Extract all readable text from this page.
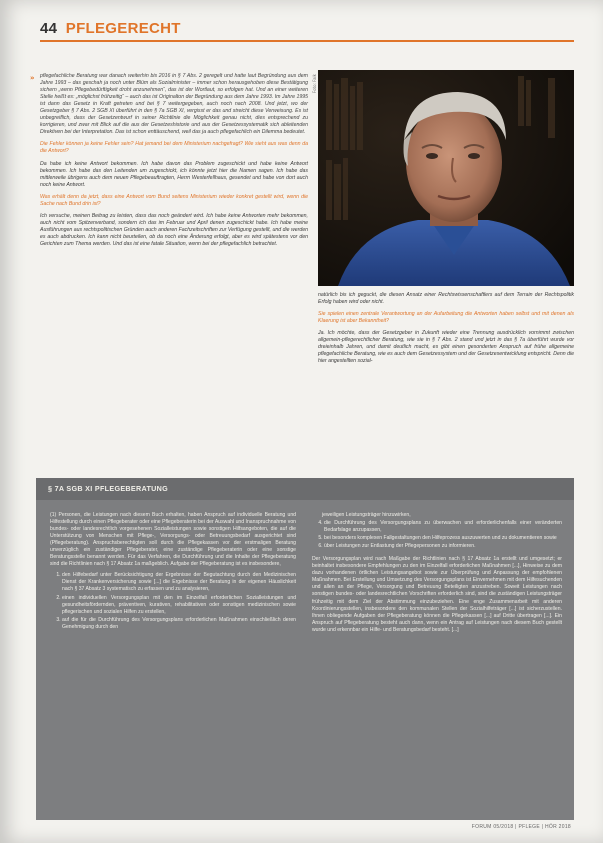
44 PFLEGERECHT
» pflegefachliche Beratung war danach weiterhin bis 2016 in § 7 Abs. 2 geregelt und hatte laut Begründung aus dem Jahre 1993 – das geschah ja noch unter Blüm als Sozialminister – immer schon herausgehoben diese Bestätigung sichern „wenn Pflegebedürftigkeit droht anzunehmen“, das ist der Wortlaut, so erfolgen hat. Und an einer weiteren Stelle heißt es: „möglichst frühzeitig“ – auch das ist Originalton der Begründung aus dem Jahre 1993. Im Jahre 1995 ist dann das Gesetz in Kraft getreten und bei § 7 weitergegeben, auch noch nach 2008. Und jetzt, wo der Gesetzgeber § 7 Abs. 2 SGB XI überführt in den § 7a SGB XI, vergisst er das und streicht diese Verweisung. Es ist unbegreiflich, dass der Gesetzentwurf in seiner Richtlinie die Möglichkeit genau nicht, dies entsprechend zu korrigieren, und zwar mit Blick auf die aus der Gesetzeshistorie und aus der Gesetzessystematik sich ableitenden Direktiven bei der Interpretation. Das ist schon enttäuschend, weil das ja auch pflegefachlich ein Dilemma bedeutet.

Die Fehler können ja keine Fehler sein? Hat jemand bei dem Ministerium nachgefragt? Wie sieht aus was denn da die Antwort?

Da habe ich keine Antwort bekommen. Ich habe davon das Problem zugeschickt und habe keine Antwort bekommen. Ich habe das den Leitenden um zugeschickt, ich könnte jetzt hier die Namen sagen. Ich habe das mittlerweile übrigens auch dem neuen Pflegebeauftragten, Herrn Westerfellhaus, gesendet und habe von dort auch noch keine Antwort.

Was erhält denn da jetzt, dass eine Antwort vom Bund seitens Ministerium wieder konkret gestellt wird, wenn die Sache nach Bund drin ist?

Ich versuche, meinen Beitrag zu leisten, dass das noch geändert wird. Ich habe keine Antworten mehr bekommen, auch nicht vom Spitzenverband, sondern ich das im Februar und April denen zugeschickt habe. Ich habe meine Ausführungen aus rechtspolitischen Gründen auch anderen Fachzeitschriften zur Verfügung gestellt, und die werden es auch abdrucken. Ich kann nicht beurteilen, ob da noch eine Änderung erfolgt, aber es wird spätestens vor den Gerichten zum Thema werden. Und das ist eine fatale Situation, wenn bei der pflegefachlich betrachtet.

Foto: Falk

natürlich bis ich geguckt, die diesen Ansatz einer Rechtswissenschaftlers auf dem Terrain der Rechtspolitik Erfolg haben wird oder nicht.

Sie spielen einen zentrale Verantwortung an der Aufarbeitung die Antworten haben selbst und mit denen als Klaerung ist aber Bekanntheit?

Ja. Ich möchte, dass der Gesetzgeber in Zukunft wieder eine Trennung ausdrücklich vornimmt zwischen allgemein-pflegerechtlicher Beratung, wie sie in § 7 Abs. 2 stand und jetzt in das § 7a überführt wurde vor dreieinhalb Jahren, und damit deutlich macht, es gibt einen gesonderten Anspruch auf frühe allgemeine pflegefachliche Beratung, wie es auch dem Gesetzessystem und der Gesetzesentwicklung entspricht. Denn die hier angestellten sozial-

§ 7A SGB XI PFLEGEBERATUNG

(1) Personen, die Leistungen nach diesem Buch erhalten, haben Anspruch auf individuelle Beratung und Hilfestellung durch einen Pflegeberater oder eine Pflegeberaterin bei der Auswahl und Inanspruchnahme von bundes- oder landesrechtlich vorgesehenen Sozialleistungen sowie sonstigen Hilfsangeboten, die auf die Unterstützung von Menschen mit Pflege-, Versorgungs- oder Betreuungsbedarf ausgerichtet sind (Pflegeberatung). Anspruchsberechtigten soll durch die Pflegekassen vor der erstmaligen Beratung unverzüglich ein zuständiger Pflegeberater, eine zuständige Pflegeberaterin oder eine sonstige Beratungsstelle benannt werden. Für das Verfahren, die Durchführung und die Inhalte der Pflegeberatung sind die Richtlinien nach § 17 Absatz 1a maßgeblich. Aufgabe der Pflegeberatung ist es insbesondere,

1. den Hilfebedarf unter Berücksichtigung der Ergebnisse der Begutachtung durch den Medizinischen Dienst der Krankenversicherung sowie [...] die Ergebnisse der Beratung in der eigenen Häuslichkeit nach § 37 Absatz 3 systematisch zu erfassen und zu analysieren,
2. einen individuellen Versorgungsplan mit den im Einzelfall erforderlichen Sozialleistungen und gesundheitsfördernden, präventiven, kurativen, rehabilitativen oder sonstigen medizinischen sowie pflegerischen und sozialen Hilfen zu erstellen,
3. auf die für die Durchführung des Versorgungsplans erforderlichen Maßnahmen einschließlich deren Genehmigung durch den
jeweiligen Leistungsträger hinzuwirken,
4. die Durchführung des Versorgungsplans zu überwachen und erforderlichenfalls einer veränderten Bedarfslage anzupassen,
5. bei besonders komplexen Fallgestaltungen den Hilfeprozess auszuwerten und zu dokumentieren sowie
6. über Leistungen zur Entlastung der Pflegepersonen zu informieren.

Der Versorgungsplan wird nach Maßgabe der Richtlinien nach § 17 Absatz 1a erstellt und umgesetzt; er beinhaltet insbesondere Empfehlungen zu den im Einzelfall erforderlichen Maßnahmen [...], Hinweise zu dem dazu vorhandenen örtlichen Leistungsangebot sowie zur Überprüfung und Anpassung der empfohlenen Maßnahmen. Bei Erstellung und Umsetzung des Versorgungsplans ist Einvernehmen mit dem Hilfesuchenden und allen an der Pflege, Versorgung und Betreuung Beteiligten anzustreben. Soweit Leistungen nach sonstigen bundes- oder landesrechtlichen Vorschriften erforderlich sind, sind die zuständigen Leistungsträger frühzeitig mit dem Ziel der Abstimmung einzubeziehen. Eine enge Zusammenarbeit mit anderen Koordinierungsstellen, insbesondere den kommunalen Stellen der Sozialhilfeträger [...] ist sicherzustellen. Ihnen obliegende Aufgaben der Pflegeberatung können die Pflegekassen [...] auf Dritte übertragen [...]. Ein Anspruch auf Pflegeberatung besteht auch dann, wenn ein Antrag auf Leistungen nach diesem Buch gestellt wurde und erkennbar ein Hilfe- und Beratungsbedarf besteht. [...]

FORUM 05/2018 | PFLEGE | HÖR 2018
